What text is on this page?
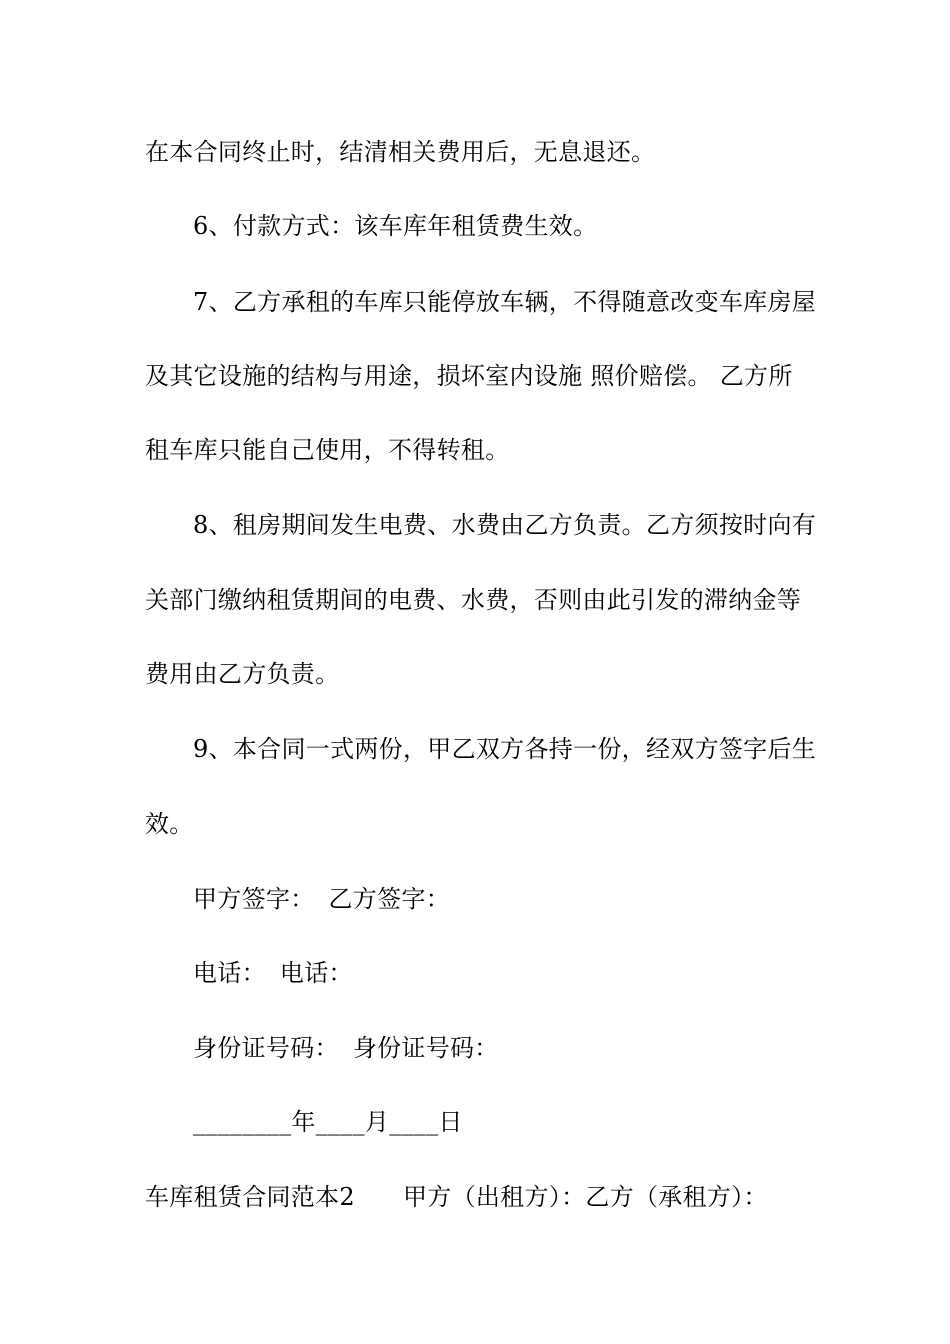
在本合同终止时，结清相关费用后，无息退还。
6、付款方式：该车库年租赁费生效。
7、乙方承租的车库只能停放车辆，不得随意改变车库房屋
及其它设施的结构与用途，损坏室内设施 照价赔偿。 乙方所
租车库只能自己使用，不得转租。
8、租房期间发生电费、水费由乙方负责。乙方须按时向有
关部门缴纳租赁期间的电费、水费，否则由此引发的滞纳金等
费用由乙方负责。
9、本合同一式两份，甲乙双方各持一份，经双方签字后生
效。
甲方签字： 乙方签字：
电话： 电话：
身份证号码： 身份证号码：
________年____月____日
车库租赁合同范本2 甲方（出租方）：乙方（承租方）：
